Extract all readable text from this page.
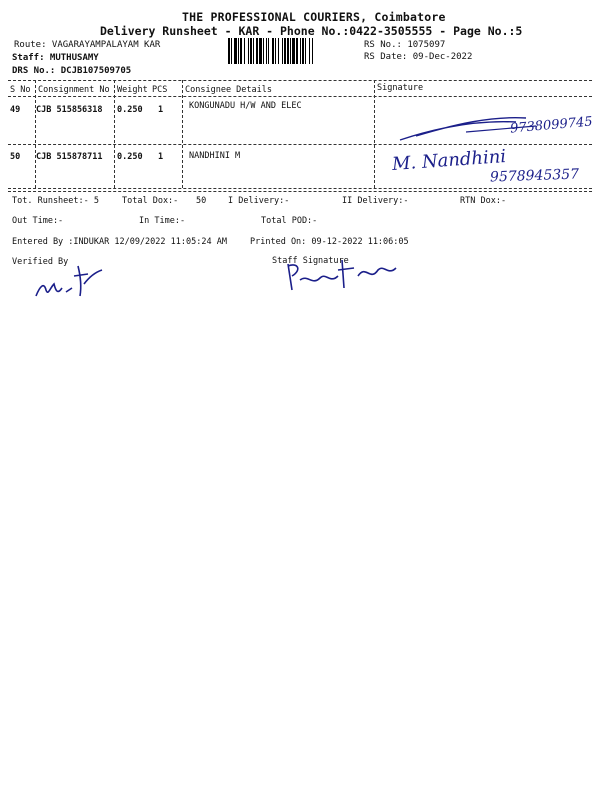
THE PROFESSIONAL COURIERS, Coimbatore
Delivery Runsheet - KAR - Phone No.:0422-3505555 - Page No.:5
Route: VAGARAYAMPALAYAM KAR
Staff: MUTHUSAMY
DRS No.: DCJB107509705
RS No.: 1075097
RS Date: 09-Dec-2022
S No Consignment No Weight PCS Consignee Details	Signature
49 CJB 515856318 0.250 1	KONGUNADU H/W AND ELEC
50 CJB 515878711 0.250 1	NANDHINI M
9738099745
M. Nandhini
9578945357
Tot. Runsheet:- 5	Total Dox:- 50	I Delivery:-	II Delivery:-	RTN Dox:-
Out Time:-	In Time:-	Total POD:-
Entered By :INDUKAR 12/09/2022 11:05:24 AM	Printed On: 09-12-2022 11:06:05
Verified By	Staff Signature
